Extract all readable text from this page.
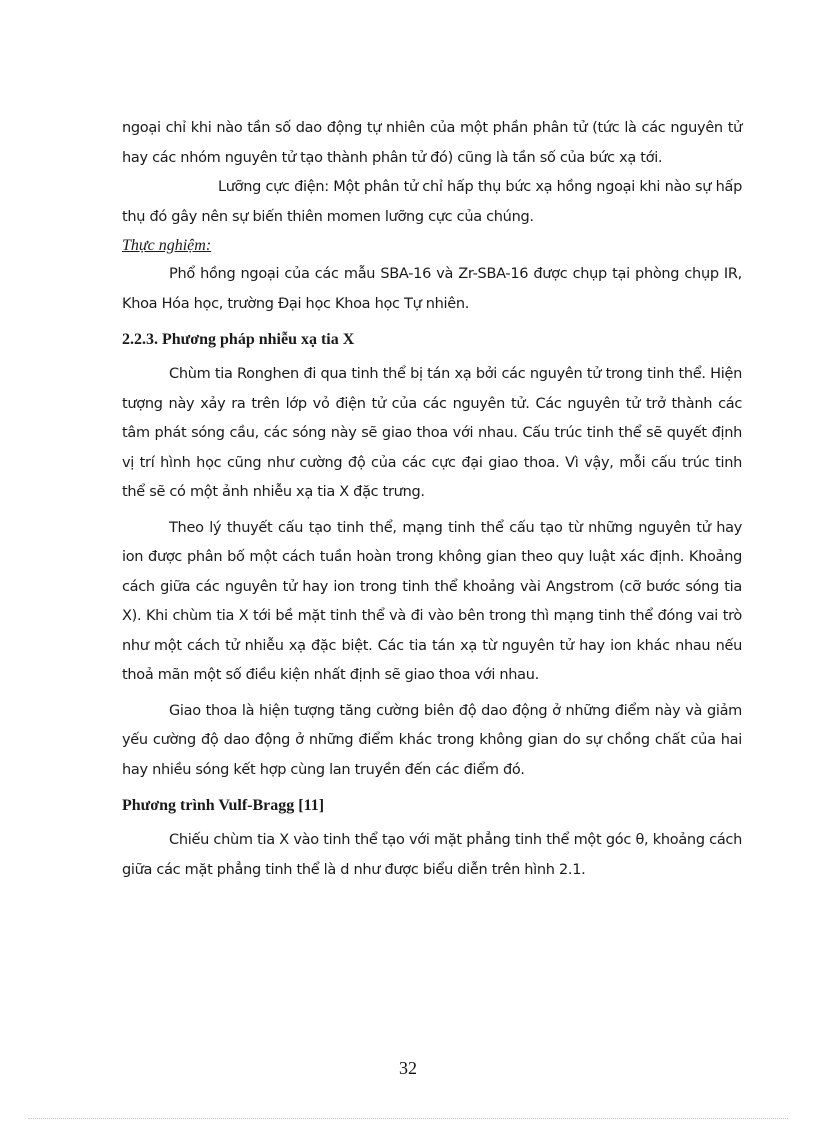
ngoại chỉ khi nào tần số dao động tự nhiên của một phần phân tử (tức là các nguyên tử hay các nhóm nguyên tử tạo thành phân tử đó) cũng là tần số của bức xạ tới.

Lưỡng cực điện: Một phân tử chỉ hấp thụ bức xạ hồng ngoại khi nào sự hấp thụ đó gây nên sự biến thiên momen lưỡng cực của chúng.

Thực nghiệm:

Phổ hồng ngoại của các mẫu SBA-16 và Zr-SBA-16 được chụp tại phòng chụp IR, Khoa Hóa học, trường Đại học Khoa học Tự nhiên.

2.2.3. Phương pháp nhiễu xạ tia X

Chùm tia Ronghen đi qua tinh thể bị tán xạ bởi các nguyên tử trong tinh thể. Hiện tượng này xảy ra trên lớp vỏ điện tử của các nguyên tử. Các nguyên tử trở thành các tâm phát sóng cầu, các sóng này sẽ giao thoa với nhau. Cấu trúc tinh thể sẽ quyết định vị trí hình học cũng như cường độ của các cực đại giao thoa. Vì vậy, mỗi cấu trúc tinh thể sẽ có một ảnh nhiễu xạ tia X đặc trưng.

Theo lý thuyết cấu tạo tinh thể, mạng tinh thể cấu tạo từ những nguyên tử hay ion được phân bố một cách tuần hoàn trong không gian theo quy luật xác định. Khoảng cách giữa các nguyên tử hay ion trong tinh thể khoảng vài Angstrom (cỡ bước sóng tia X). Khi chùm tia X tới bề mặt tinh thể và đi vào bên trong thì mạng tinh thể đóng vai trò như một cách tử nhiễu xạ đặc biệt. Các tia tán xạ từ nguyên tử hay ion khác nhau nếu thoả mãn một số điều kiện nhất định sẽ giao thoa với nhau.

Giao thoa là hiện tượng tăng cường biên độ dao động ở những điểm này và giảm yếu cường độ dao động ở những điểm khác trong không gian do sự chồng chất của hai hay nhiều sóng kết hợp cùng lan truyền đến các điểm đó.

Phương trình Vulf-Bragg [11]

Chiếu chùm tia X vào tinh thể tạo với mặt phẳng tinh thể một góc θ, khoảng cách giữa các mặt phẳng tinh thể là d như được biểu diễn trên hình 2.1.

32
